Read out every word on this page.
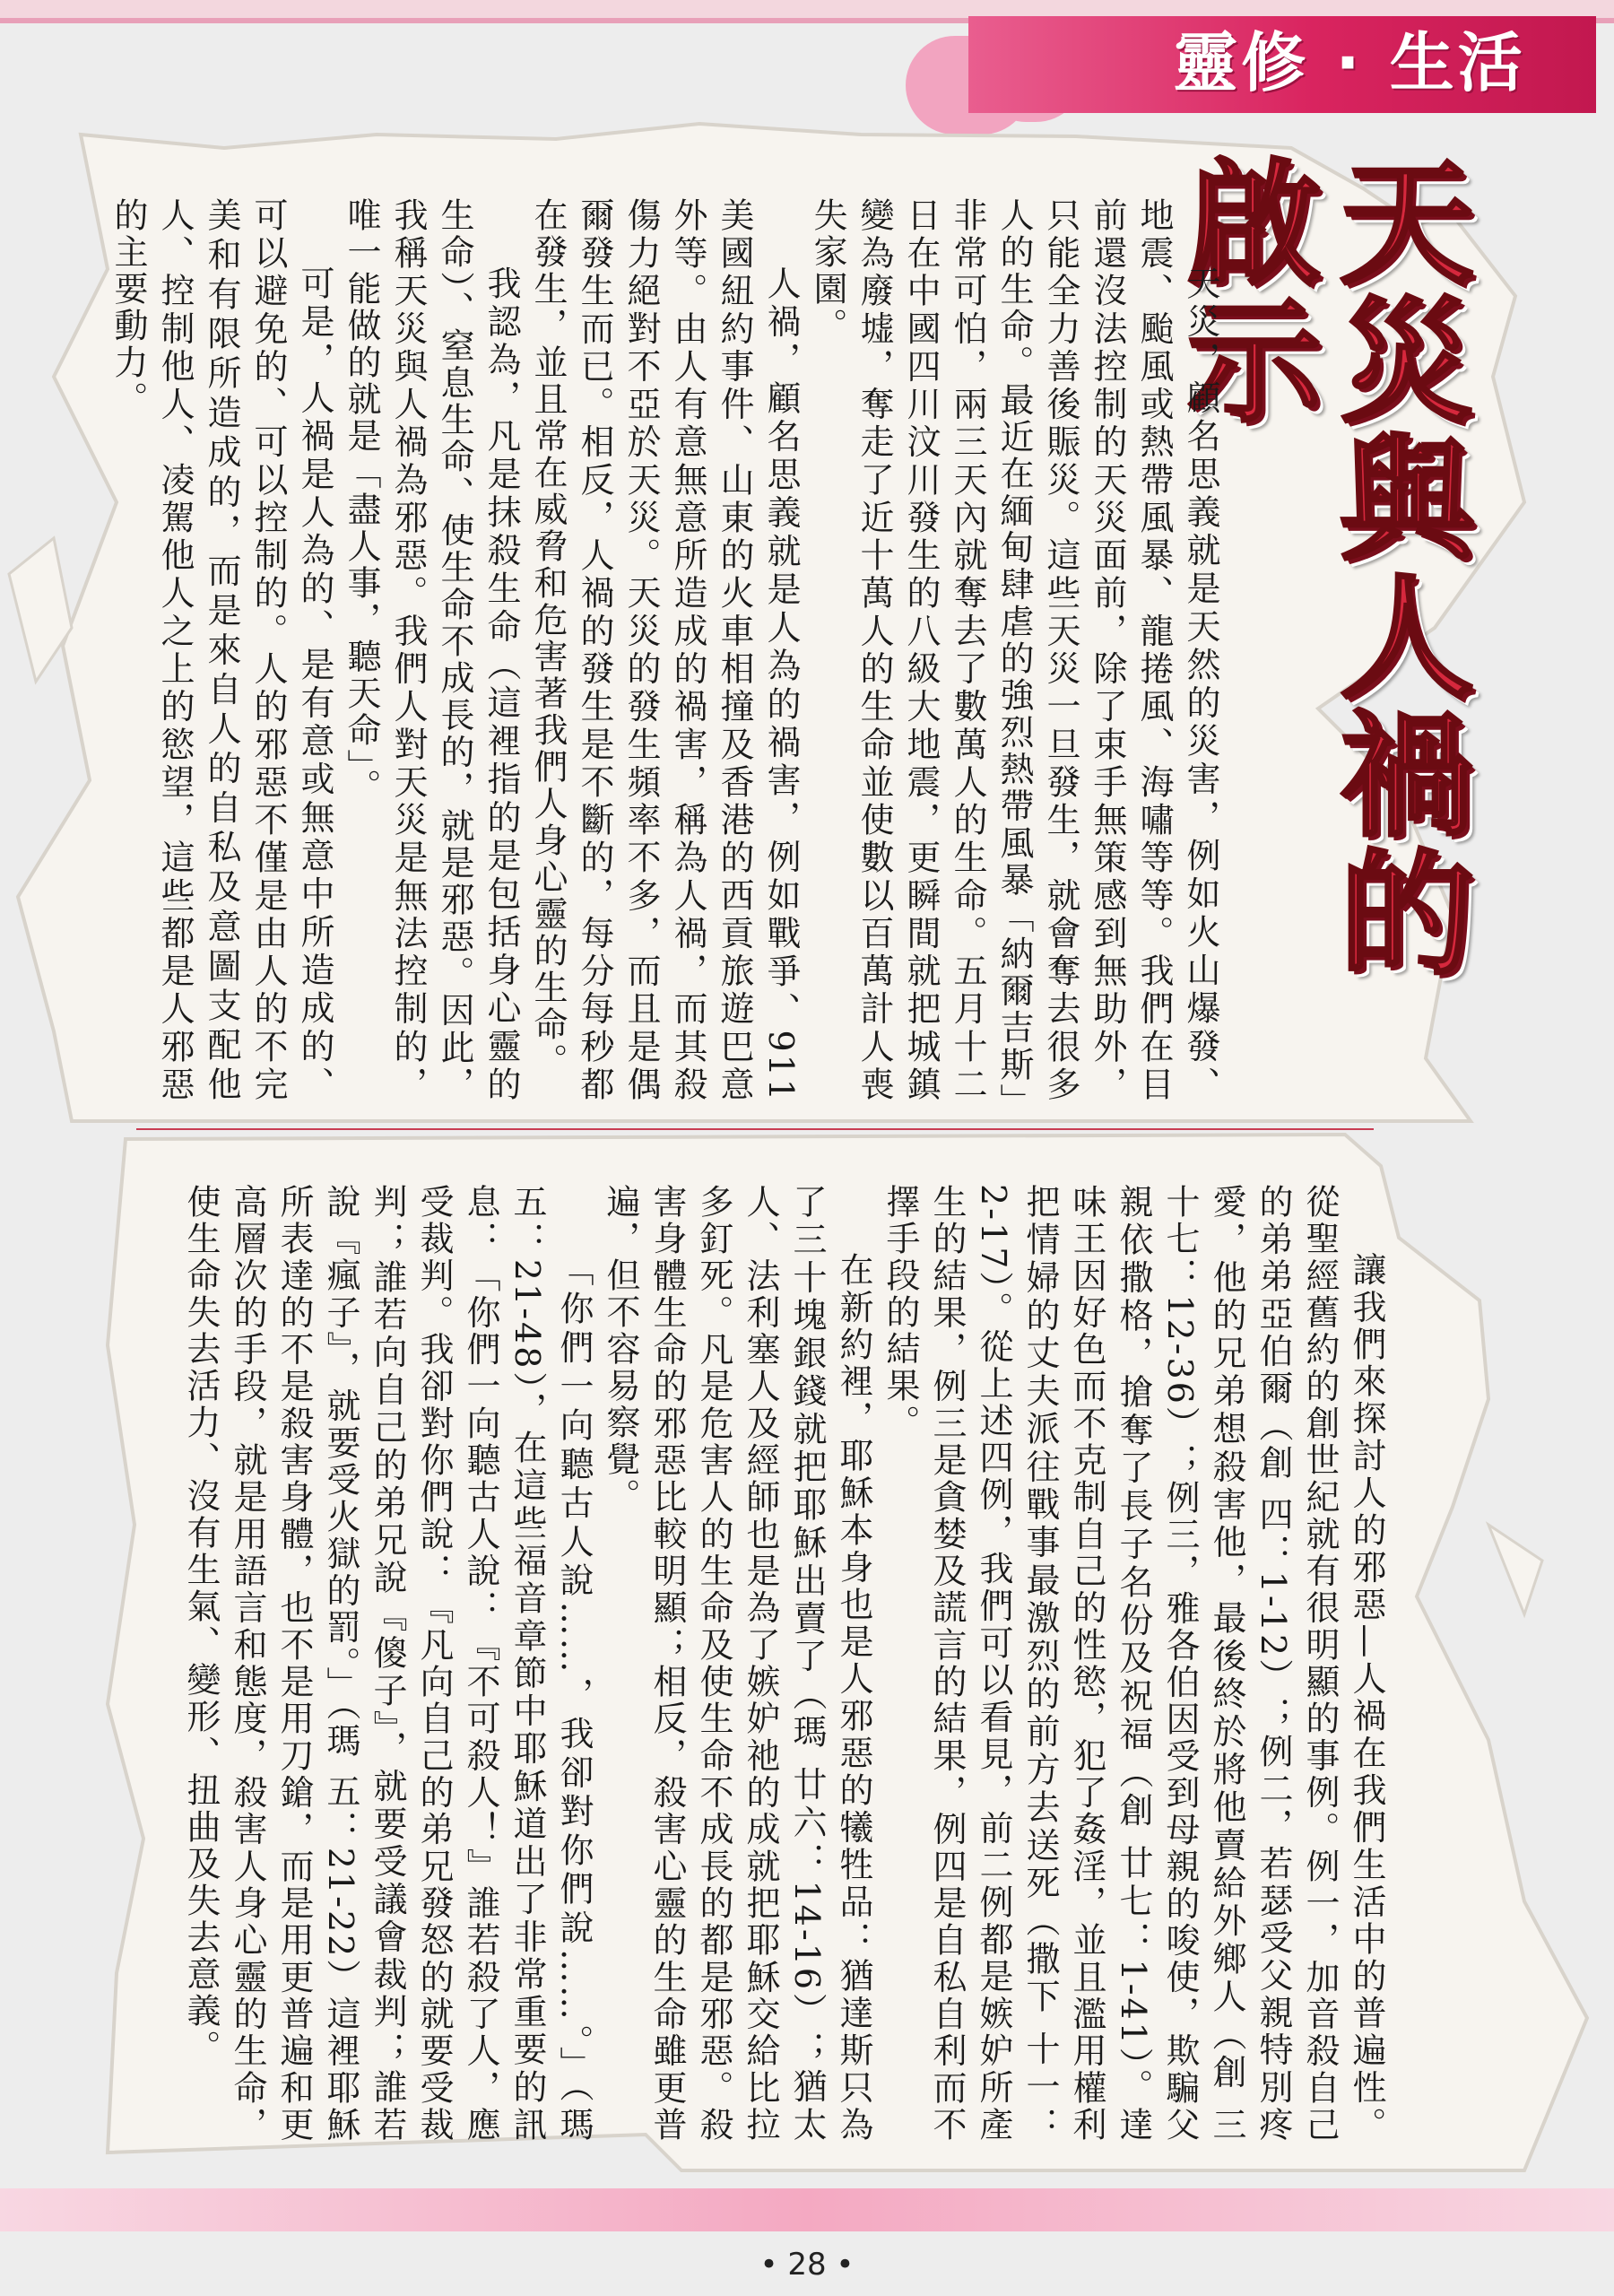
靈修 · 生活
天災與人禍的啟示

天災，顧名思義就是天然的災害，例如火山爆發、地震、颱風或熱帶風暴、龍捲風、海嘯等等。我們在目前還沒法控制的天災面前，除了束手無策感到無助外，只能全力善後賑災。這些天災一旦發生，就會奪去很多人的生命。最近在緬甸肆虐的強烈熱帶風暴「納爾吉斯」非常可怕，兩三天內就奪去了數萬人的生命。五月十二日在中國四川汶川發生的八級大地震，更瞬間就把城鎮變為廢墟，奪走了近十萬人的生命並使數以百萬計人喪失家園。

人禍，顧名思義就是人為的禍害，例如戰爭、911美國紐約事件、山東的火車相撞及香港的西貢旅遊巴意外等。由人有意無意所造成的禍害，稱為人禍，而其殺傷力絕對不亞於天災。天災的發生頻率不多，而且是偶爾發生而已。相反，人禍的發生是不斷的，每分每秒都在發生，並且常在威脅和危害著我們人身心靈的生命。

我認為，凡是抹殺生命（這裡指的是包括身心靈的生命）、窒息生命、使生命不成長的，就是邪惡。因此，我稱天災與人禍為邪惡。我們人對天災是無法控制的，唯一能做的就是「盡人事，聽天命」。

可是，人禍是人為的、是有意或無意中所造成的、可以避免的、可以控制的。人的邪惡不僅是由人的不完美和有限所造成的，而是來自人的自私及意圖支配他人、控制他人、凌駕他人之上的慾望，這些都是人邪惡的主要動力。

讓我們來探討人的邪惡—人禍在我們生活中的普遍性。從聖經舊約的創世紀就有很明顯的事例。例一，加音殺自己的弟弟亞伯爾（創 四：1-12）；例二，若瑟受父親特別疼愛，他的兄弟想殺害他，最後終於將他賣給外鄉人（創 三十七：12-36）；例三，雅各伯因受到母親的唆使，欺騙父親依撒格，搶奪了長子名份及祝福（創 廿七：1-41）。達味王因好色而不克制自己的性慾，犯了姦淫，並且濫用權利把情婦的丈夫派往戰事最激烈的前方去送死（撒下 十一：2-17）。從上述四例，我們可以看見，前二例都是嫉妒所產生的結果，例三是貪婪及謊言的結果，例四是自私自利而不擇手段的結果。

在新約裡，耶穌本身也是人邪惡的犧牲品：猶達斯只為了三十塊銀錢就把耶穌出賣了（瑪 廿六：14-16）；猶太人、法利塞人及經師也是為了嫉妒祂的成就把耶穌交給比拉多釘死。凡是危害人的生命及使生命不成長的都是邪惡。殺害身體生命的邪惡比較明顯；相反，殺害心靈的生命雖更普遍，但不容易察覺。

「你們一向聽古人說……，我卻對你們說……。」（瑪 五：21-48），在這些福音章節中耶穌道出了非常重要的訊息：「你們一向聽古人說：『不可殺人！』誰若殺了人，應受裁判。我卻對你們說：『凡向自己的弟兄發怒的就要受裁判；誰若向自己的弟兄說『傻子』，就要受議會裁判；誰若說『瘋子』，就要受火獄的罰。」（瑪 五：21-22）這裡耶穌所表達的不是殺害身體，也不是用刀鎗，而是用更普遍和更高層次的手段，就是用語言和態度，殺害人身心靈的生命，使生命失去活力、沒有生氣、變形、扭曲及失去意義。

• 28 •
